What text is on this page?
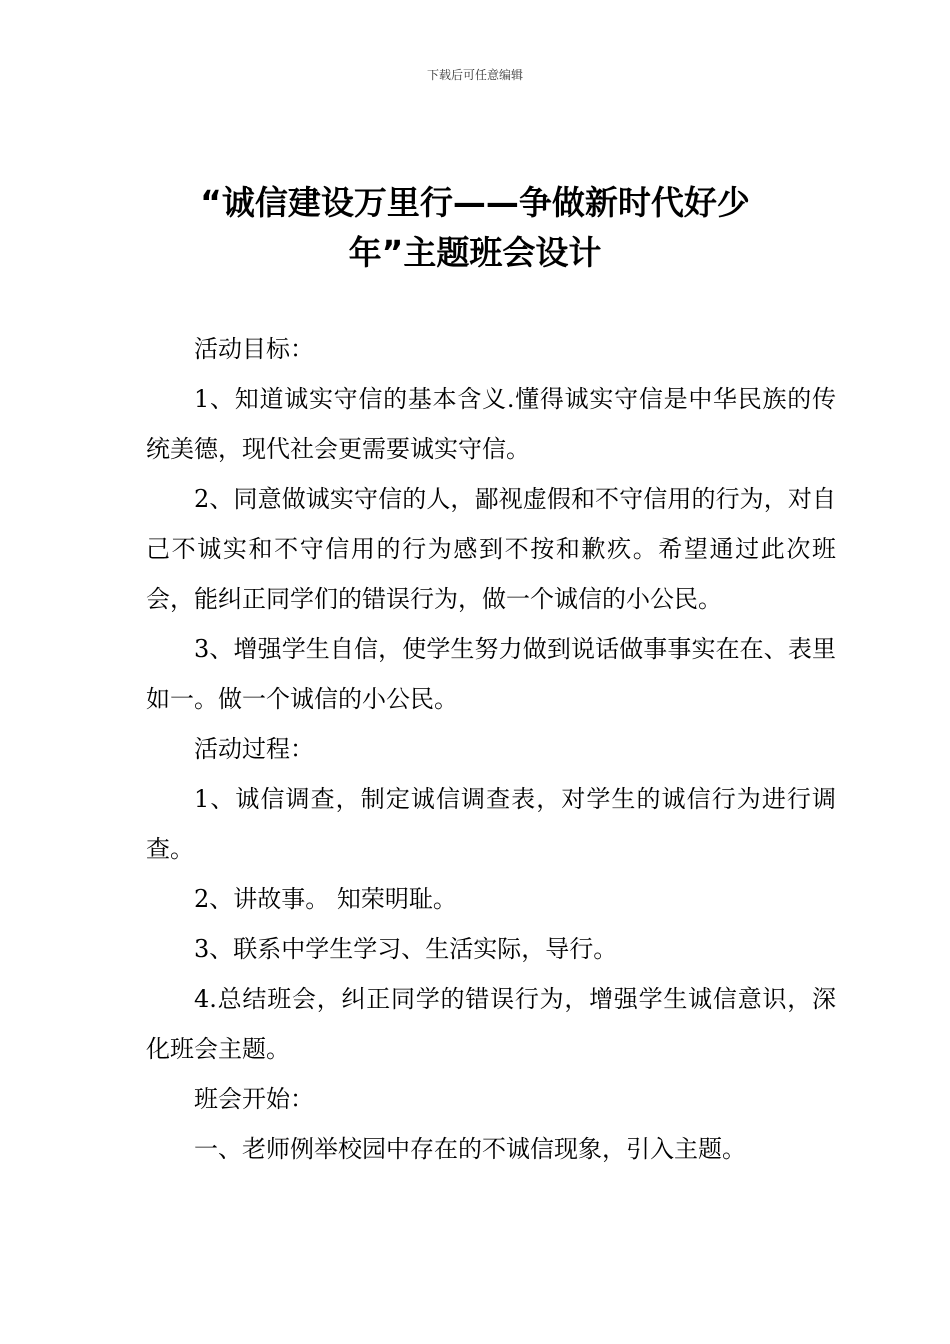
下载后可任意编辑
“诚信建设万里行——争做新时代好少
年”主题班会设计

活动目标：

1、知道诚实守信的基本含义.懂得诚实守信是中华民族的传统美德，现代社会更需要诚实守信。

2、同意做诚实守信的人，鄙视虚假和不守信用的行为，对自己不诚实和不守信用的行为感到不按和歉疚。希望通过此次班会，能纠正同学们的错误行为，做一个诚信的小公民。

3、增强学生自信，使学生努力做到说话做事事实在在、表里如一。做一个诚信的小公民。

活动过程：

1、诚信调查，制定诚信调查表，对学生的诚信行为进行调查。

2、讲故事。 知荣明耻。

3、联系中学生学习、生活实际，导行。

4.总结班会，纠正同学的错误行为，增强学生诚信意识，深化班会主题。

班会开始：

一、老师例举校园中存在的不诚信现象，引入主题。
